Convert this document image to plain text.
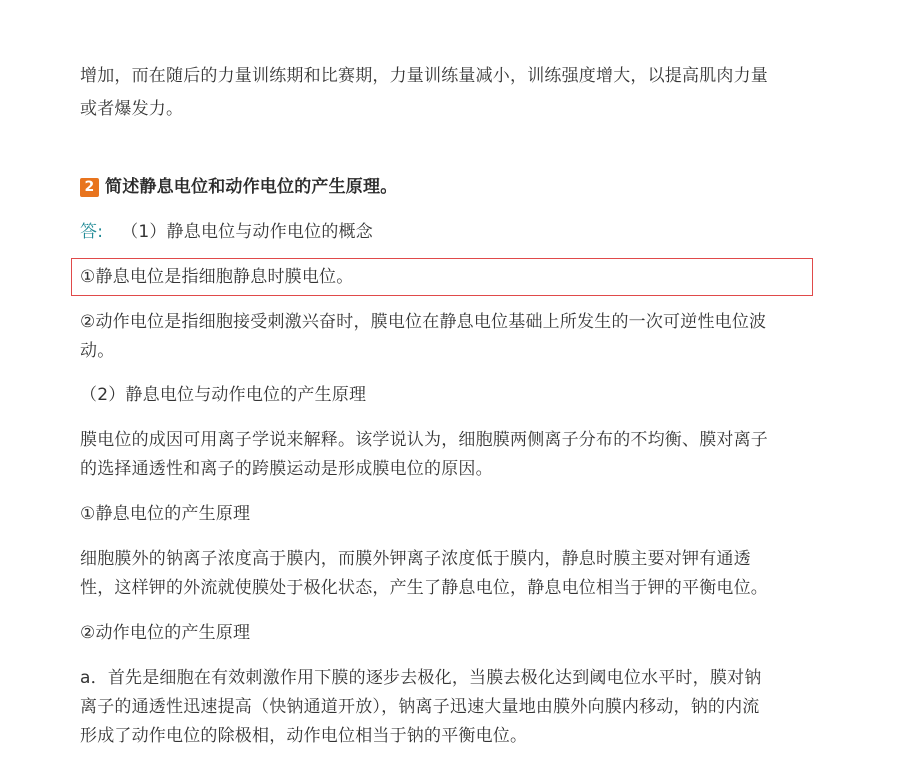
增加，而在随后的力量训练期和比赛期，力量训练量减小，训练强度增大，以提高肌肉力量
或者爆发力。
2 简述静息电位和动作电位的产生原理。
答: （1）静息电位与动作电位的概念
①静息电位是指细胞静息时膜电位。
②动作电位是指细胞接受刺激兴奋时，膜电位在静息电位基础上所发生的一次可逆性电位波
动。
（2）静息电位与动作电位的产生原理
膜电位的成因可用离子学说来解释。该学说认为，细胞膜两侧离子分布的不均衡、膜对离子
的选择通透性和离子的跨膜运动是形成膜电位的原因。
①静息电位的产生原理
细胞膜外的钠离子浓度高于膜内，而膜外钾离子浓度低于膜内，静息时膜主要对钾有通透
性，这样钾的外流就使膜处于极化状态，产生了静息电位，静息电位相当于钾的平衡电位。
②动作电位的产生原理
a．首先是细胞在有效刺激作用下膜的逐步去极化，当膜去极化达到阈电位水平时，膜对钠
离子的通透性迅速提高（快钠通道开放），钠离子迅速大量地由膜外向膜内移动，钠的内流
形成了动作电位的除极相，动作电位相当于钠的平衡电位。
